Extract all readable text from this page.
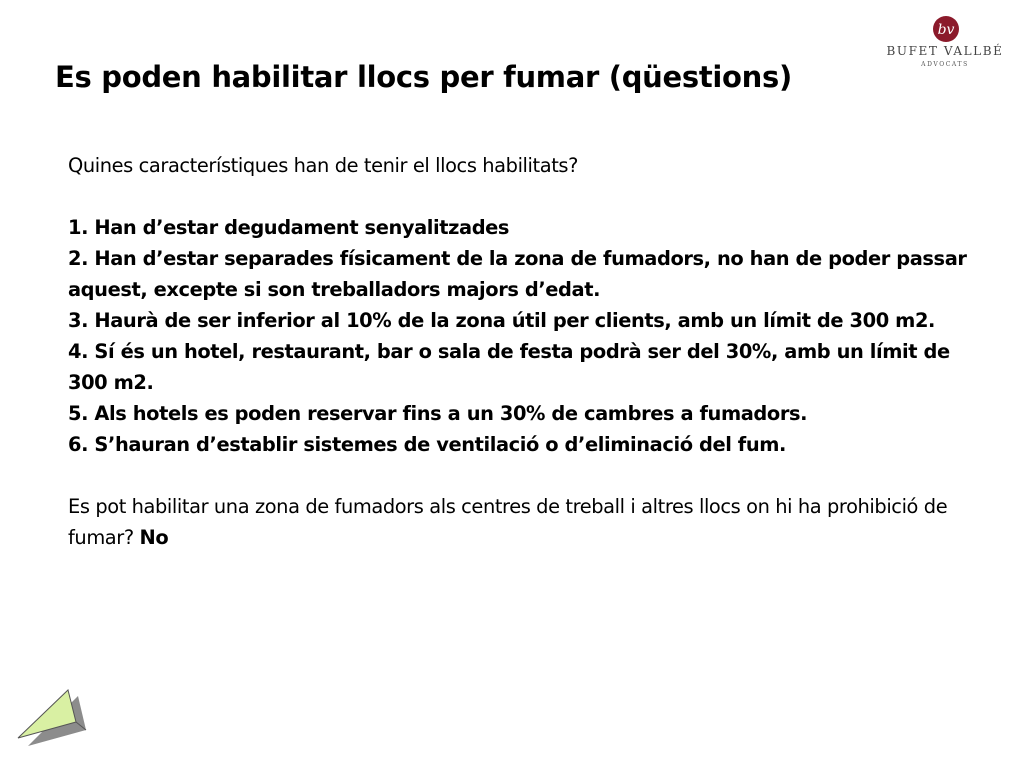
Es poden habilitar llocs per fumar (qüestions)
bv
BUFET VALLBÉ
ADVOCATS

Quines característiques han de tenir el llocs habilitats?

1. Han d’estar degudament senyalitzades

2. Han d’estar separades físicament de la zona de fumadors, no han de poder passar aquest, excepte si son treballadors majors d’edat.

3. Haurà de ser inferior al 10% de la zona útil per clients, amb un límit de 300 m2.

4. Sí és un hotel, restaurant, bar o sala de festa podrà ser del 30%, amb un límit de 300 m2.

5. Als hotels es poden reservar fins a un 30% de cambres a fumadors.

6. S’hauran d’establir sistemes de ventilació o d’eliminació del fum.

Es pot habilitar una zona de fumadors als centres de treball i altres llocs on hi ha prohibició de fumar? No
